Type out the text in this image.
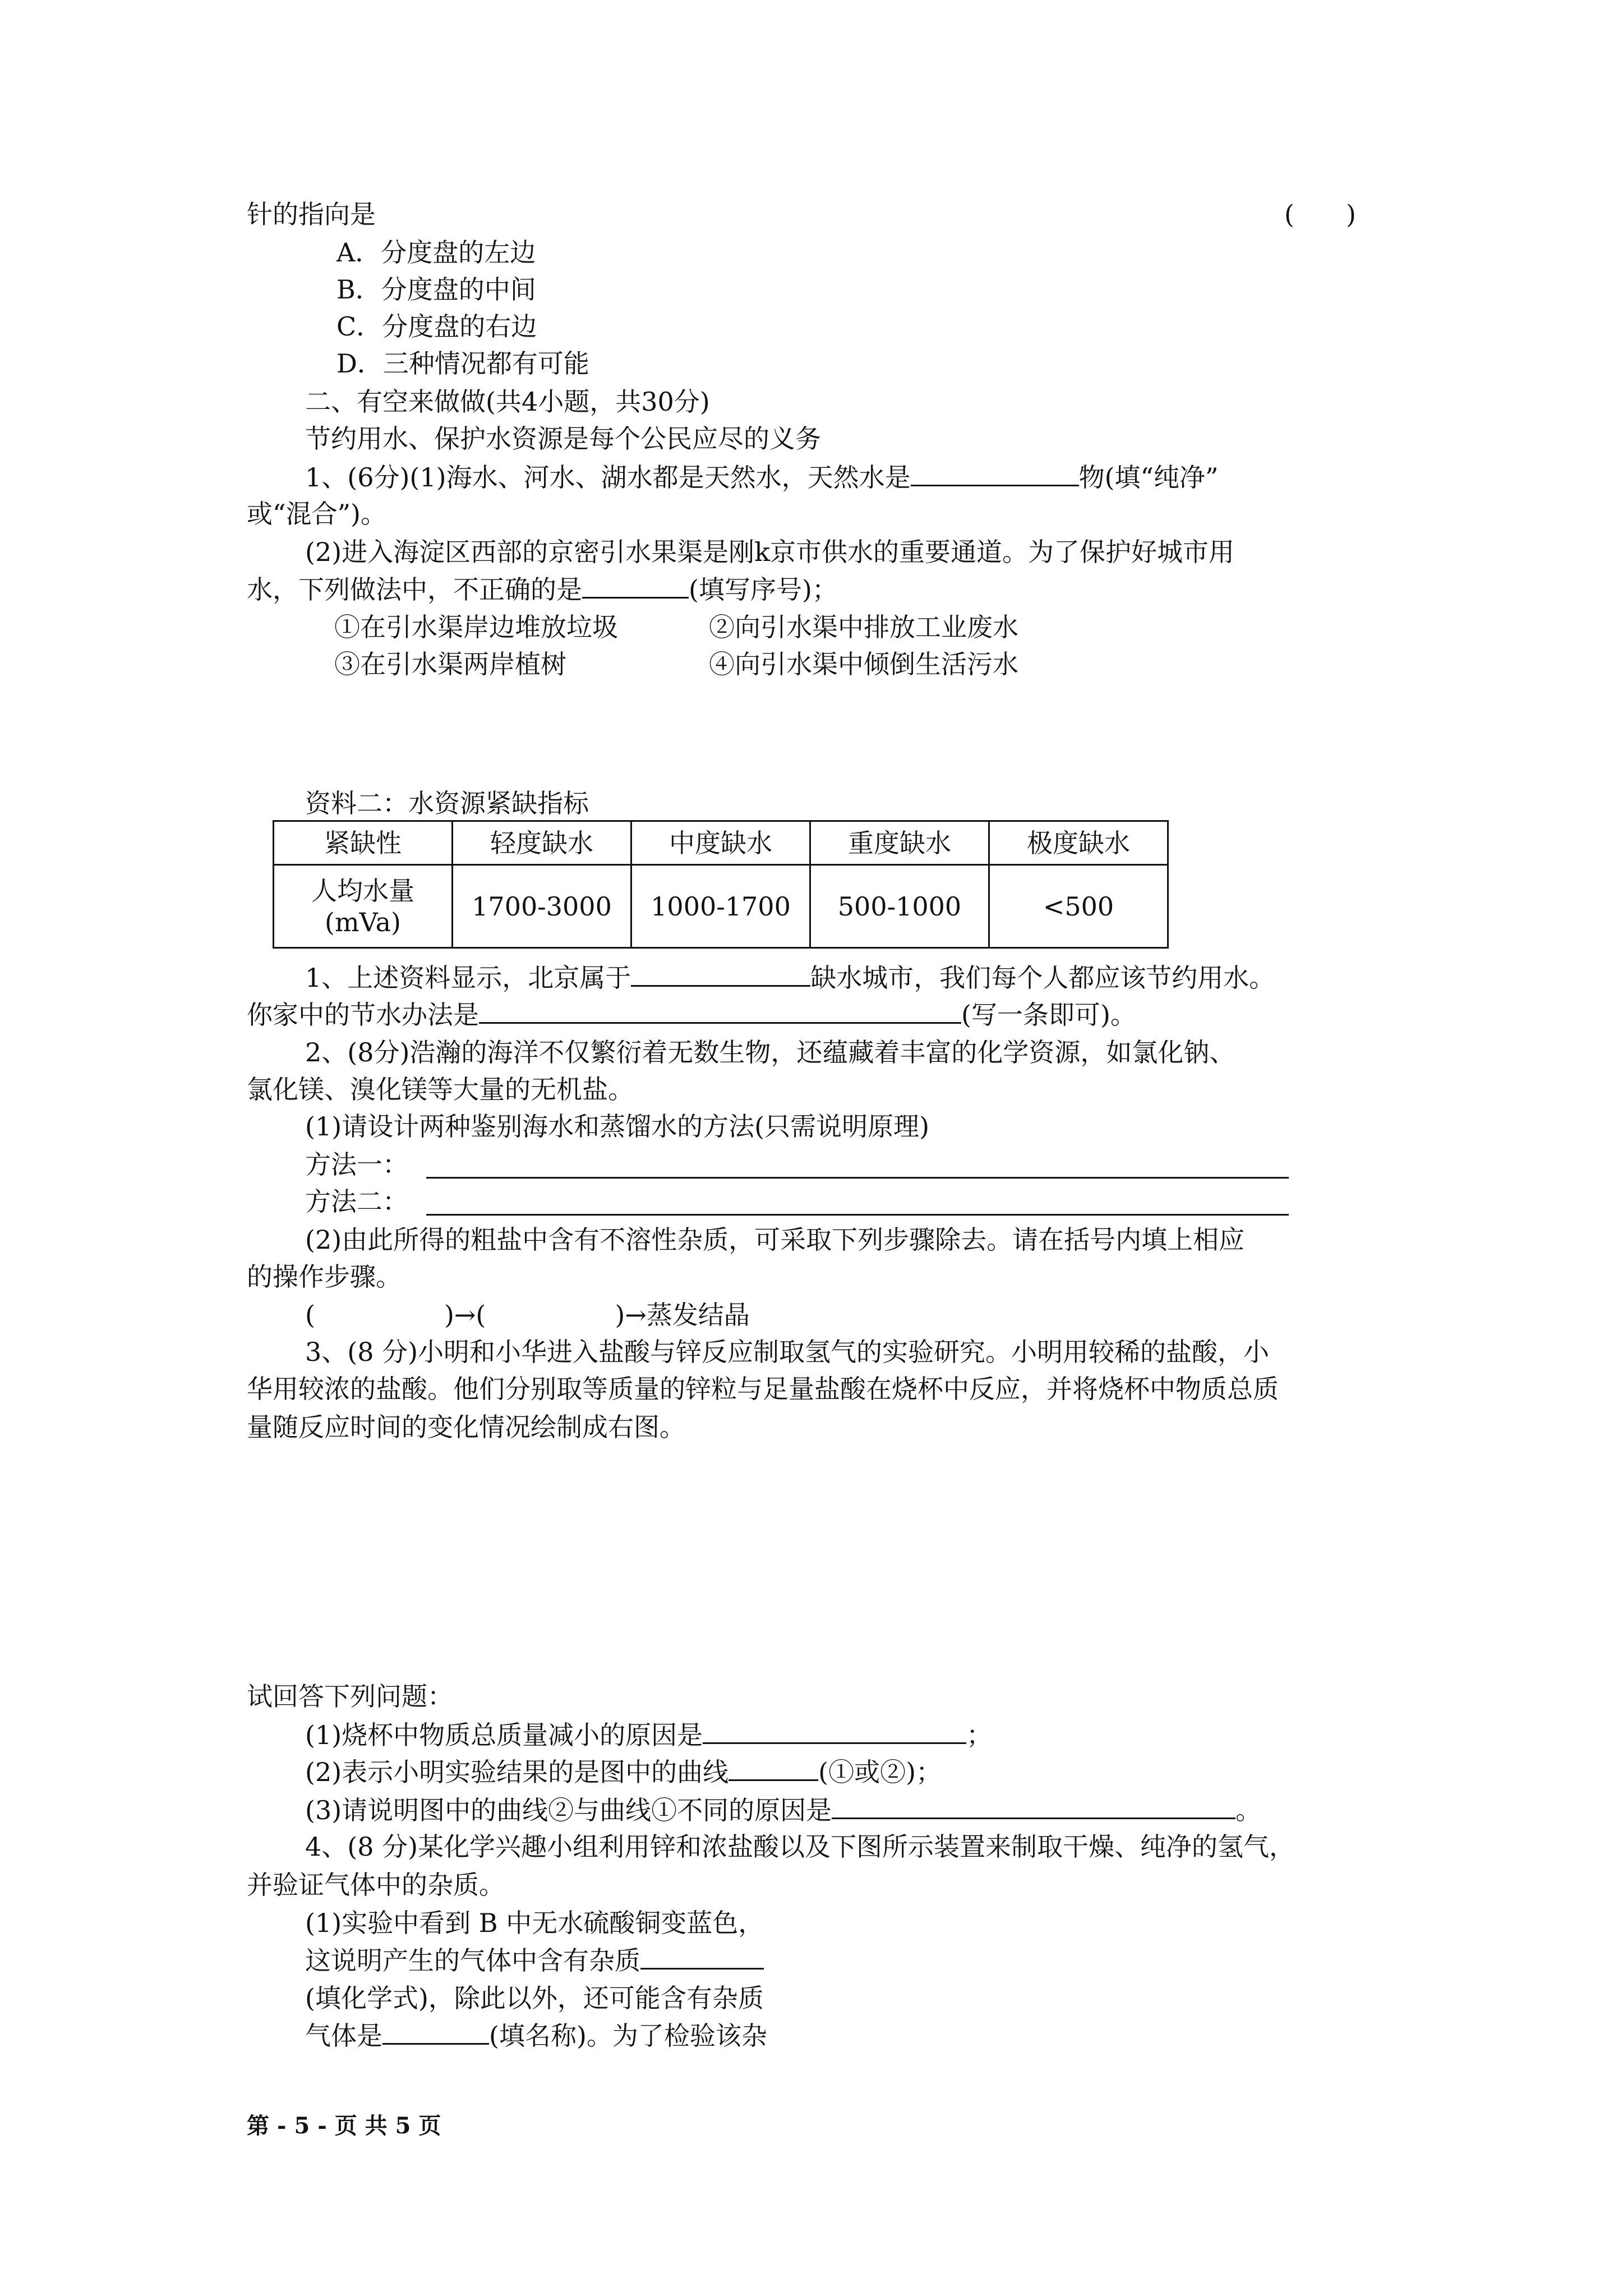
针的指向是	(　　)
A．分度盘的左边
B．分度盘的中间
C．分度盘的右边
D．三种情况都有可能
二、有空来做做(共4小题，共30分)
节约用水、保护水资源是每个公民应尽的义务
1、(6分)(1)海水、河水、湖水都是天然水，天然水是	物(填“纯净”
或“混合”)。
(2)进入海淀区西部的京密引水果渠是刚k京市供水的重要通道。为了保护好城市用
水，下列做法中，不正确的是	(填写序号)；
①在引水渠岸边堆放垃圾	②向引水渠中排放工业废水
③在引水渠两岸植树	④向引水渠中倾倒生活污水
资料二：水资源紧缺指标
紧缺性	轻度缺水	中度缺水	重度缺水	极度缺水

人均水量
(mVa)	1700-3000	1000-1700	500-1000	<500
1、上述资料显示，北京属于	缺水城市，我们每个人都应该节约用水。
你家中的节水办法是	(写一条即可)。
2、(8分)浩瀚的海洋不仅繁衍着无数生物，还蕴藏着丰富的化学资源，如氯化钠、
氯化镁、溴化镁等大量的无机盐。
(1)请设计两种鉴别海水和蒸馏水的方法(只需说明原理)
方法一：
方法二：
(2)由此所得的粗盐中含有不溶性杂质，可采取下列步骤除去。请在括号内填上相应
的操作步骤。
(　　　　　)→(　　　　　)→蒸发结晶
3、(8 分)小明和小华进入盐酸与锌反应制取氢气的实验研究。小明用较稀的盐酸，小
华用较浓的盐酸。他们分别取等质量的锌粒与足量盐酸在烧杯中反应，并将烧杯中物质总质
量随反应时间的变化情况绘制成右图。
试回答下列问题：
(1)烧杯中物质总质量减小的原因是	；
(2)表示小明实验结果的是图中的曲线	(①或②)；
(3)请说明图中的曲线②与曲线①不同的原因是	。
4、(8 分)某化学兴趣小组利用锌和浓盐酸以及下图所示装置来制取干燥、纯净的氢气，
并验证气体中的杂质。
(1)实验中看到 B 中无水硫酸铜变蓝色，
这说明产生的气体中含有杂质
(填化学式)，除此以外，还可能含有杂质
气体是	(填名称)。为了检验该杂
第 - 5 - 页 共 5 页
